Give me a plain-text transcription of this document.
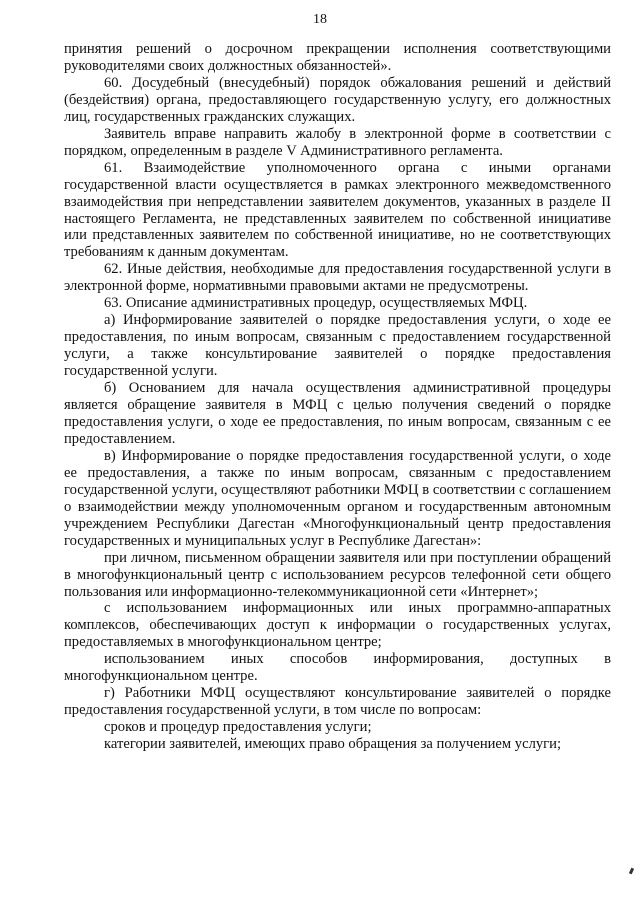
18

принятия решений о досрочном прекращении исполнения соответствующими руководителями своих должностных обязанностей».

60. Досудебный (внесудебный) порядок обжалования решений и действий (бездействия) органа, предоставляющего государственную услугу, его должностных лиц, государственных гражданских служащих.

Заявитель вправе направить жалобу в электронной форме в соответствии с порядком, определенным в разделе V Административного регламента.

61. Взаимодействие уполномоченного органа с иными органами государственной власти осуществляется в рамках электронного межведомственного взаимодействия при непредставлении заявителем документов, указанных в разделе II настоящего Регламента, не представленных заявителем по собственной инициативе или представленных заявителем по собственной инициативе, но не соответствующих требованиям к данным документам.

62. Иные действия, необходимые для предоставления государственной услуги в электронной форме, нормативными правовыми актами не предусмотрены.

63. Описание административных процедур, осуществляемых МФЦ.

а) Информирование заявителей о порядке предоставления услуги, о ходе ее предоставления, по иным вопросам, связанным с предоставлением государственной услуги, а также консультирование заявителей о порядке предоставления государственной услуги.

б) Основанием для начала осуществления административной процедуры является обращение заявителя в МФЦ с целью получения сведений о порядке предоставления услуги, о ходе ее предоставления, по иным вопросам, связанным с ее предоставлением.

в) Информирование о порядке предоставления государственной услуги, о ходе ее предоставления, а также по иным вопросам, связанным с предоставлением государственной услуги, осуществляют работники МФЦ в соответствии с соглашением о взаимодействии между уполномоченным органом и государственным автономным учреждением Республики Дагестан «Многофункциональный центр предоставления государственных и муниципальных услуг в Республике Дагестан»:

при личном, письменном обращении заявителя или при поступлении обращений в многофункциональный центр с использованием ресурсов телефонной сети общего пользования или информационно-телекоммуникационной сети «Интернет»;

с использованием информационных или иных программно-аппаратных комплексов, обеспечивающих доступ к информации о государственных услугах, предоставляемых в многофункциональном центре;

использованием иных способов информирования, доступных в многофункциональном центре.

г) Работники МФЦ осуществляют консультирование заявителей о порядке предоставления государственной услуги, в том числе по вопросам:

сроков и процедур предоставления услуги;

категории заявителей, имеющих право обращения за получением услуги;
